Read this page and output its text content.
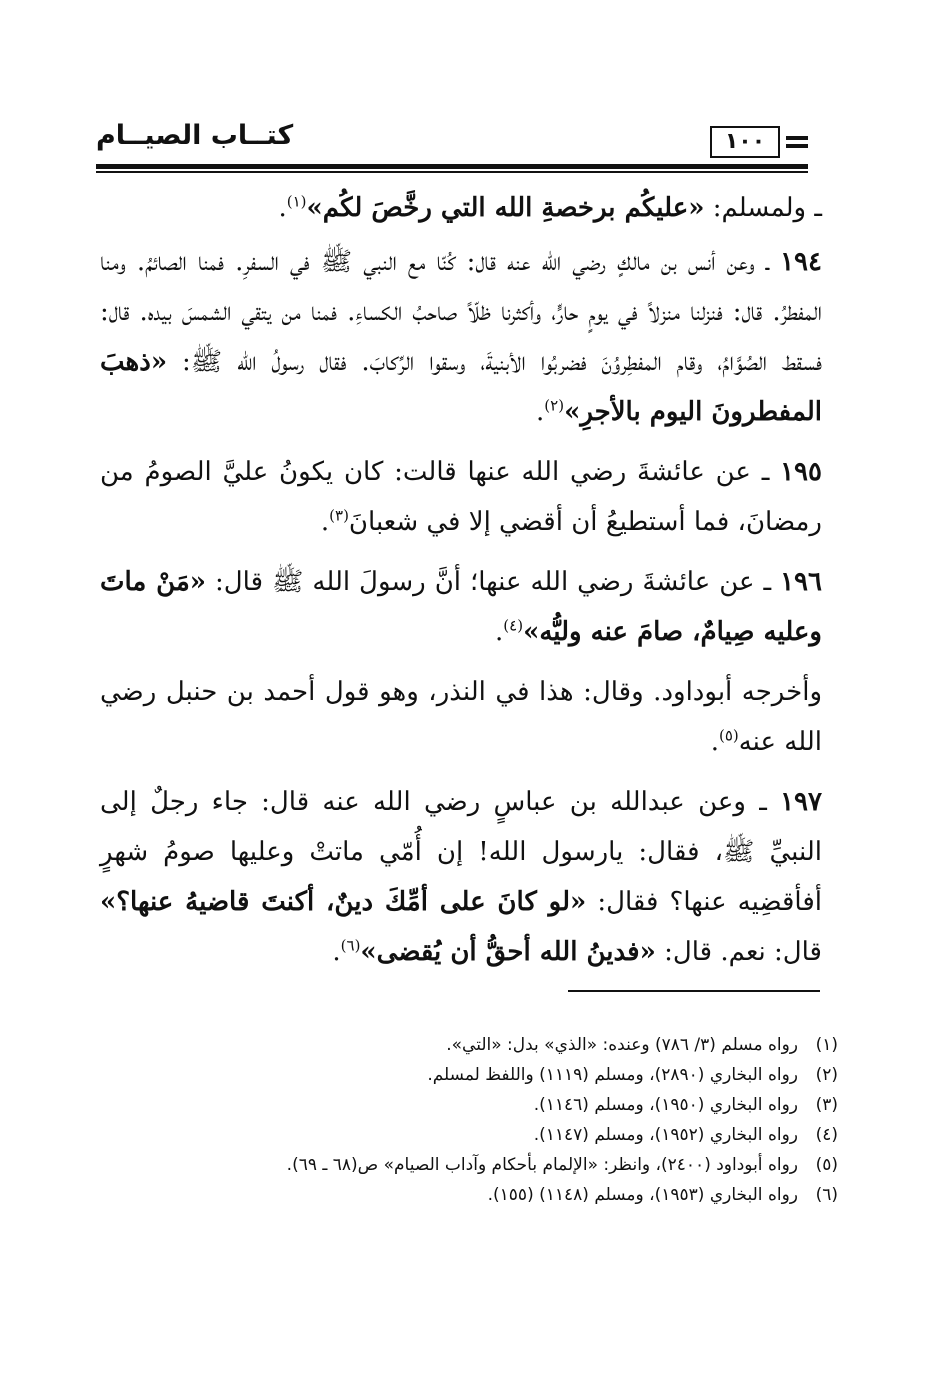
١٠٠
كتــاب الصيــام

ـ ولمسلم: «عليكُم برخصةِ الله التي رخَّصَ لكُم»$^{(١)}$.

١٩٤ ـ وعن أنس بن مالكٍ رضي الله عنه قال: كُنّا مع النبي ﷺ في السفرِ. فمنا الصائمُ. ومنا المفطرُ. قال: فنزلنا منزلاً في يومٍ حارٍّ، وأكثرنا ظلّاً صاحبُ الكساءِ. فمنا من يتقي الشمسَ بيده. قال: فسقط الصُوَّامُ، وقام المفطِروُنَ فضربُوا الأبنيةَ، وسقوا الرِّكابَ. فقال رسولُ الله ﷺ: «ذهبَ المفطرونَ اليوم بالأجرِ»$^{(٢)}$.

١٩٥ ـ عن عائشةَ رضي الله عنها قالت: كان يكونُ عليَّ الصومُ من رمضانَ، فما أستطيعُ أن أقضي إلا في شعبانَ$^{(٣)}$.

١٩٦ ـ عن عائشةَ رضي الله عنها؛ أنَّ رسولَ الله ﷺ قال: «مَنْ ماتَ وعليه صِيامٌ، صامَ عنه وليُّه»$^{(٤)}$.

وأخرجه أبوداود. وقال: هذا في النذر، وهو قول أحمد بن حنبل رضي الله عنه$^{(٥)}$.

١٩٧ ـ وعن عبدالله بن عباسٍ رضي الله عنه قال: جاء رجلٌ إلى النبيِّ ﷺ، فقال: يارسول الله! إن أُمّي ماتتْ وعليها صومُ شهرٍ أفأقضِيه عنها؟ فقال: «لو كانَ على أمِّكَ دينٌ، أكنتَ قاضيهُ عنها؟» قال: نعم. قال: «فدينُ الله أحقُّ أن يُقضى»$^{(٦)}$.

(١)
رواه مسلم (٣/ ٧٨٦) وعنده: «الذي» بدل: «التي».
(٢)
رواه البخاري (٢٨٩٠)، ومسلم (١١١٩) واللفظ لمسلم.
(٣)
رواه البخاري (١٩٥٠)، ومسلم (١١٤٦).
(٤)
رواه البخاري (١٩٥٢)، ومسلم (١١٤٧).
(٥)
رواه أبوداود (٢٤٠٠)، وانظر: «الإلمام بأحكام وآداب الصيام» ص(٦٨ ـ ٦٩).
(٦)
رواه البخاري (١٩٥٣)، ومسلم (١١٤٨) (١٥٥).
